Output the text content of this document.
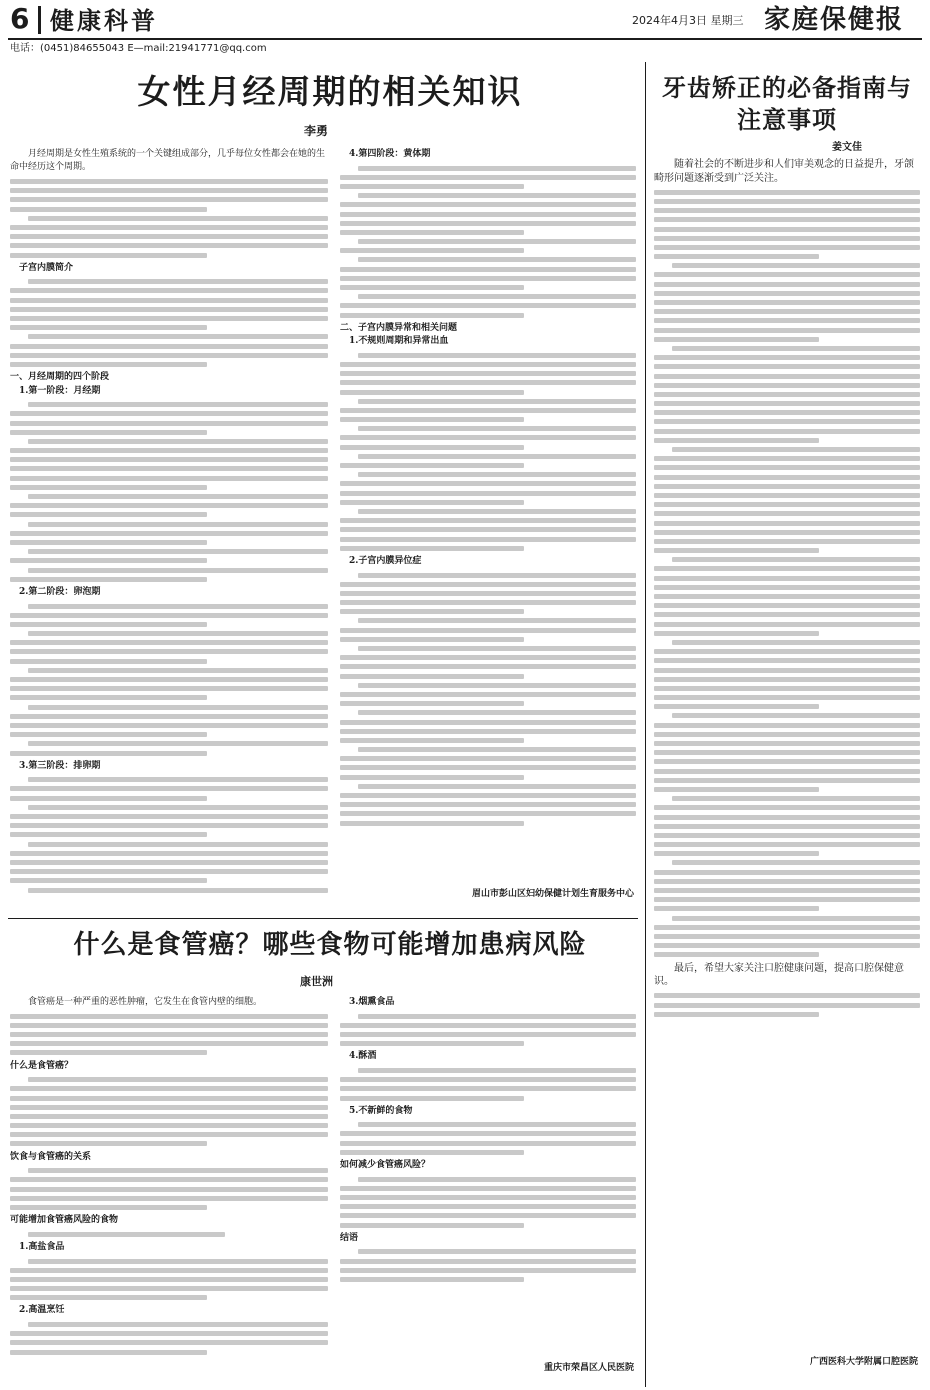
6 健康科普	2024年4月3日 星期三 家庭保健报
电话：(0451)84655043 E—mail:21941771@qq.com
女性月经周期的相关知识
李勇

月经周期是女性生殖系统的一个关键组成部分，几乎每位女性都会在她的生命中经历这个周期。

子宫内膜简介

一、月经周期的四个阶段

1.第一阶段：月经期

2.第二阶段：卵泡期

3.第三阶段：排卵期

4.第四阶段：黄体期

二、子宫内膜异常和相关问题

1.不规则周期和异常出血

2.子宫内膜异位症

眉山市彭山区妇幼保健计划生育服务中心
牙齿矫正的必备指南与注意事项
姜文佳

随着社会的不断进步和人们审美观念的日益提升，牙颌畸形问题逐渐受到广泛关注。

最后，希望大家关注口腔健康问题，提高口腔保健意识。

广西医科大学附属口腔医院
什么是食管癌？哪些食物可能增加患病风险
康世洲

食管癌是一种严重的恶性肿瘤，它发生在食管内壁的细胞。

什么是食管癌？

饮食与食管癌的关系

可能增加食管癌风险的食物

1.高盐食品

2.高温烹饪

3.烟熏食品

4.酥酒

5.不新鲜的食物

如何减少食管癌风险？

结语

重庆市荣昌区人民医院
